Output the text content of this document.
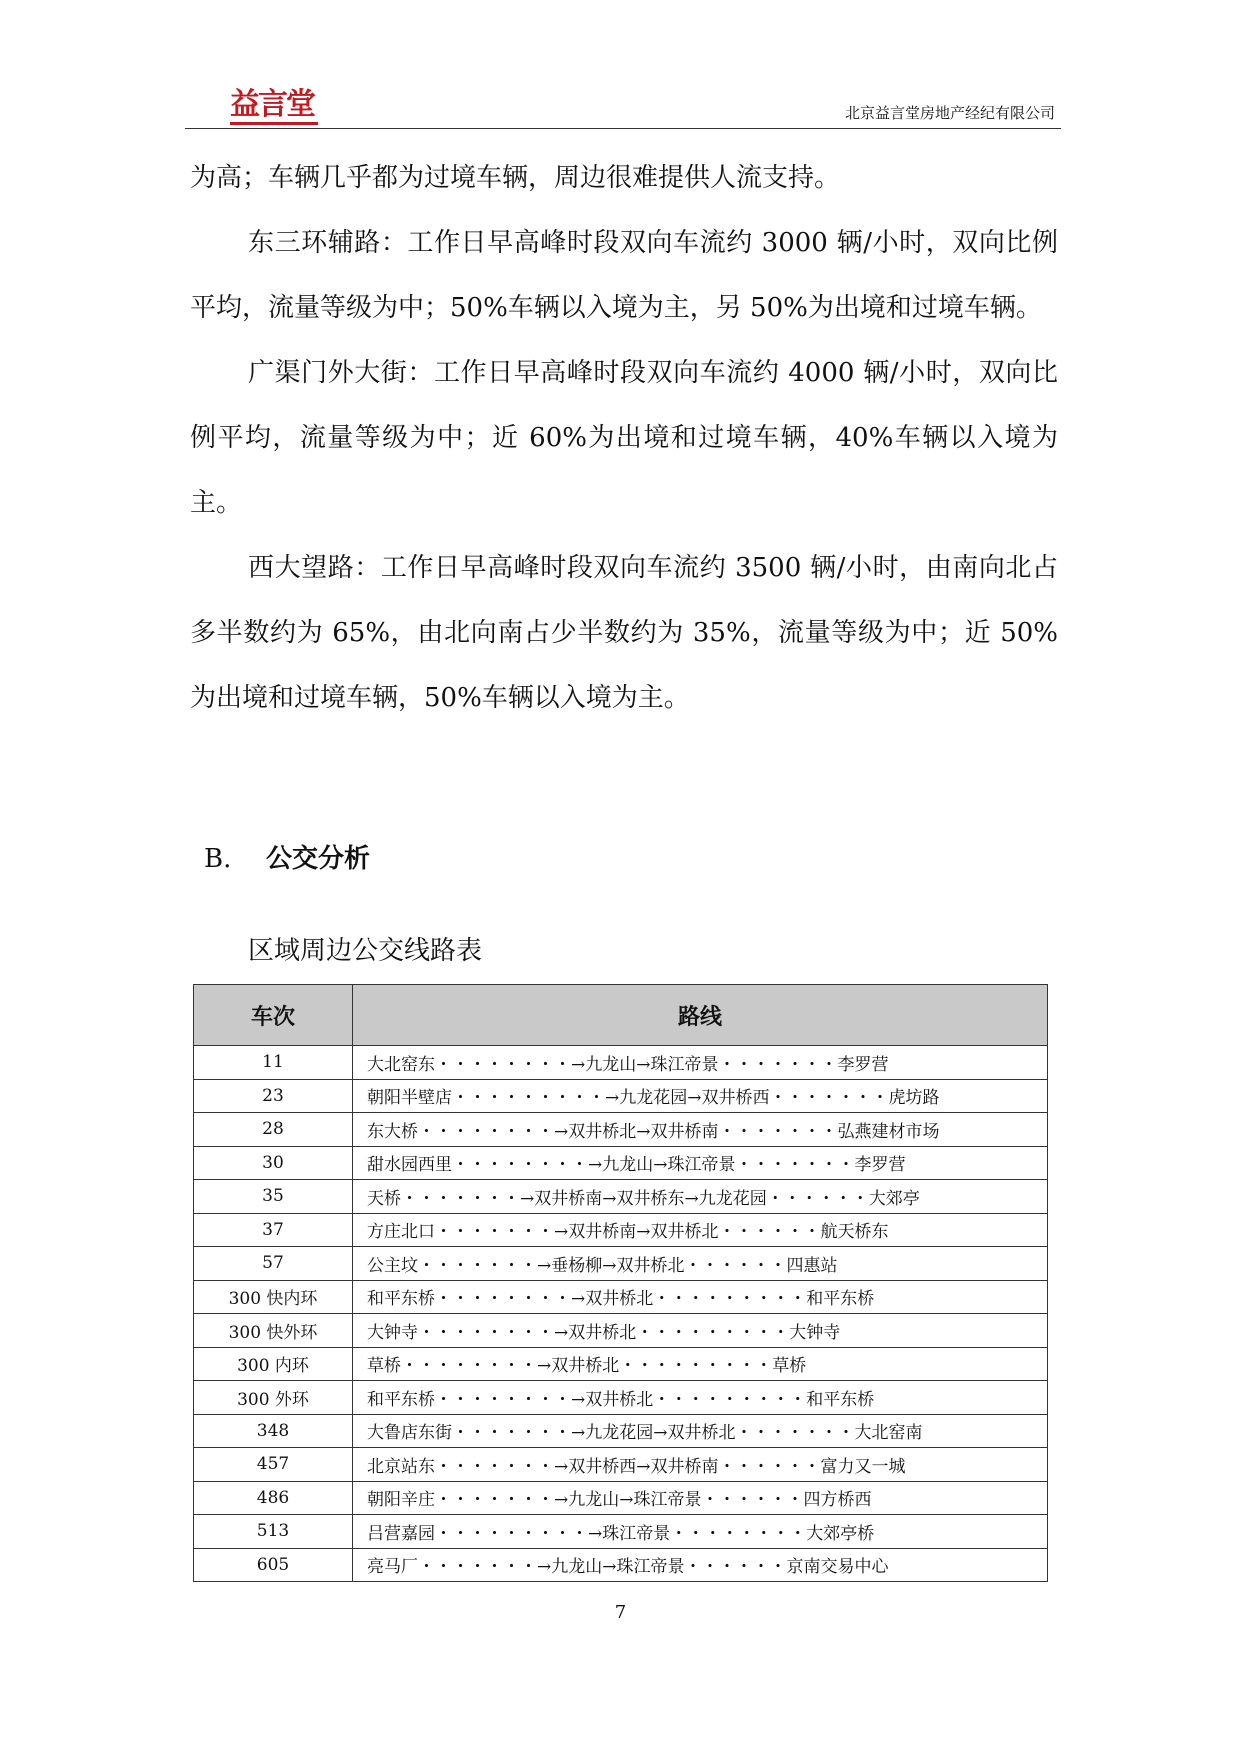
益言堂	北京益言堂房地产经纪有限公司

为高；车辆几乎都为过境车辆，周边很难提供人流支持。

东三环辅路：工作日早高峰时段双向车流约 3000 辆/小时，双向比例平均，流量等级为中；50%车辆以入境为主，另 50%为出境和过境车辆。

广渠门外大街：工作日早高峰时段双向车流约 4000 辆/小时，双向比例平均，流量等级为中；近 60%为出境和过境车辆，40%车辆以入境为主。

西大望路：工作日早高峰时段双向车流约 3500 辆/小时，由南向北占多半数约为 65%，由北向南占少半数约为 35%，流量等级为中；近 50%为出境和过境车辆，50%车辆以入境为主。

B. 公交分析
区域周边公交线路表
车次	路线
11	大北窑东・・・・・・・・→九龙山→珠江帝景・・・・・・・李罗营
23	朝阳半壁店・・・・・・・・・→九龙花园→双井桥西・・・・・・・虎坊路
28	东大桥・・・・・・・・→双井桥北→双井桥南・・・・・・・弘燕建材市场
30	甜水园西里・・・・・・・・→九龙山→珠江帝景・・・・・・・李罗营
35	天桥・・・・・・・→双井桥南→双井桥东→九龙花园・・・・・・大郊亭
37	方庄北口・・・・・・・→双井桥南→双井桥北・・・・・・航天桥东
57	公主坟・・・・・・・→垂杨柳→双井桥北・・・・・・四惠站
300 快内环	和平东桥・・・・・・・・→双井桥北・・・・・・・・・和平东桥
300 快外环	大钟寺・・・・・・・・→双井桥北・・・・・・・・・大钟寺
300 内环	草桥・・・・・・・・→双井桥北・・・・・・・・・草桥
300 外环	和平东桥・・・・・・・・→双井桥北・・・・・・・・・和平东桥
348	大鲁店东街・・・・・・・→九龙花园→双井桥北・・・・・・・大北窑南
457	北京站东・・・・・・・→双井桥西→双井桥南・・・・・・富力又一城
486	朝阳辛庄・・・・・・・→九龙山→珠江帝景・・・・・・四方桥西
513	吕营嘉园・・・・・・・・・→珠江帝景・・・・・・・・大郊亭桥
605	亮马厂・・・・・・・→九龙山→珠江帝景・・・・・・京南交易中心
7
